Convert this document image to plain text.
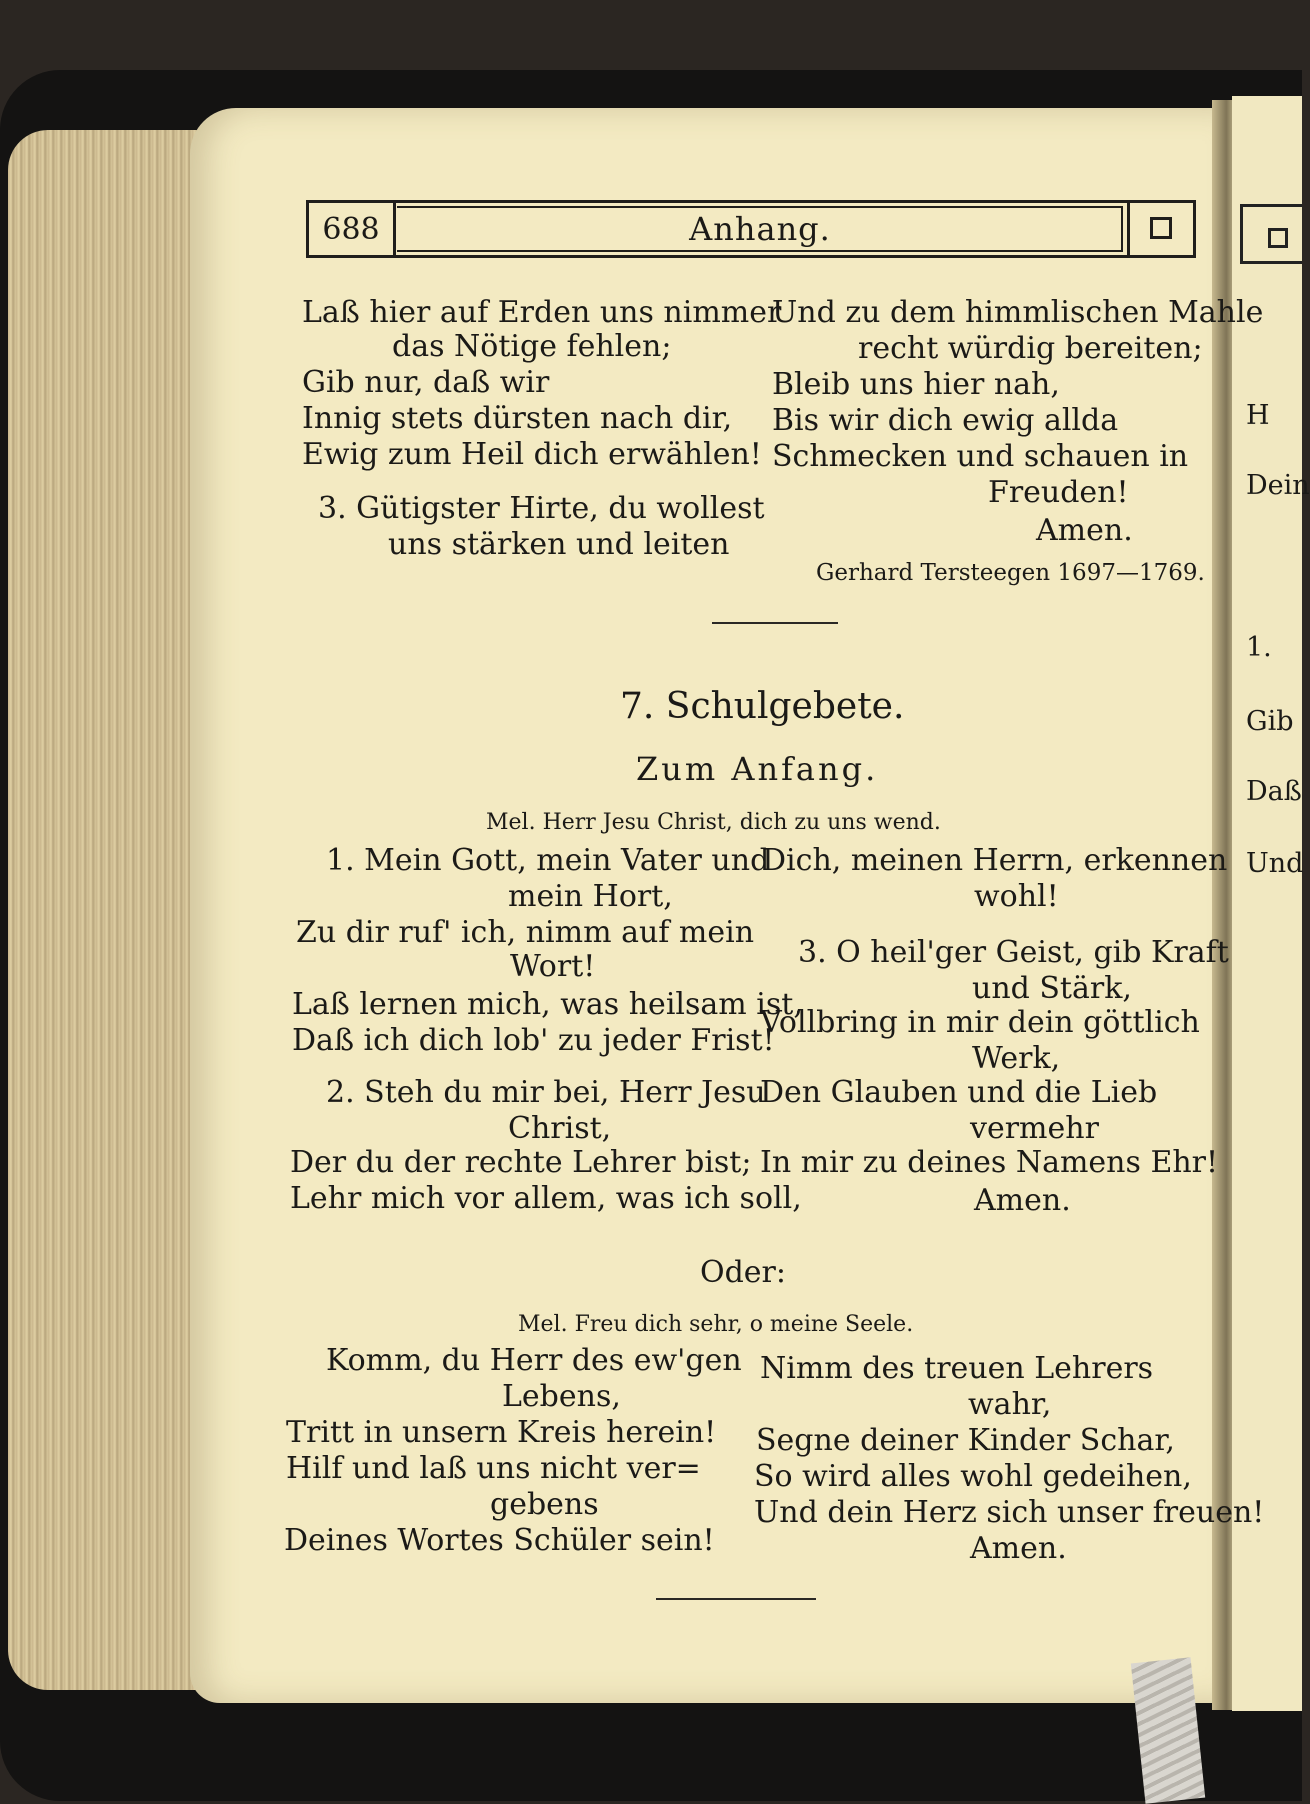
H
Dein
1.
Gib
Daß
Und
688	Anhang.
Laß hier auf Erden uns nimmer
das Nötige fehlen;
Gib nur, daß wir
Innig stets dürsten nach dir,
Ewig zum Heil dich erwählen!
3. Gütigster Hirte, du wollest
uns stärken und leiten
Und zu dem himmlischen Mahle
recht würdig bereiten;
Bleib uns hier nah,
Bis wir dich ewig allda
Schmecken und schauen in
Freuden!
Amen.
Gerhard Tersteegen 1697—1769.
7. Schulgebete.
Zum Anfang.
Mel. Herr Jesu Christ, dich zu uns wend.
1. Mein Gott, mein Vater und
mein Hort,
Zu dir ruf' ich, nimm auf mein
Wort!
Laß lernen mich, was heilsam ist,
Daß ich dich lob' zu jeder Frist!
2. Steh du mir bei, Herr Jesu
Christ,
Der du der rechte Lehrer bist;
Lehr mich vor allem, was ich soll,
Dich, meinen Herrn, erkennen
wohl!
3. O heil'ger Geist, gib Kraft
und Stärk,
Vollbring in mir dein göttlich
Werk,
Den Glauben und die Lieb
vermehr
In mir zu deines Namens Ehr!
Amen.
Oder:
Mel. Freu dich sehr, o meine Seele.
Komm, du Herr des ew'gen
Lebens,
Tritt in unsern Kreis herein!
Hilf und laß uns nicht ver=
gebens
Deines Wortes Schüler sein!
Nimm des treuen Lehrers
wahr,
Segne deiner Kinder Schar,
So wird alles wohl gedeihen,
Und dein Herz sich unser freuen!
Amen.
